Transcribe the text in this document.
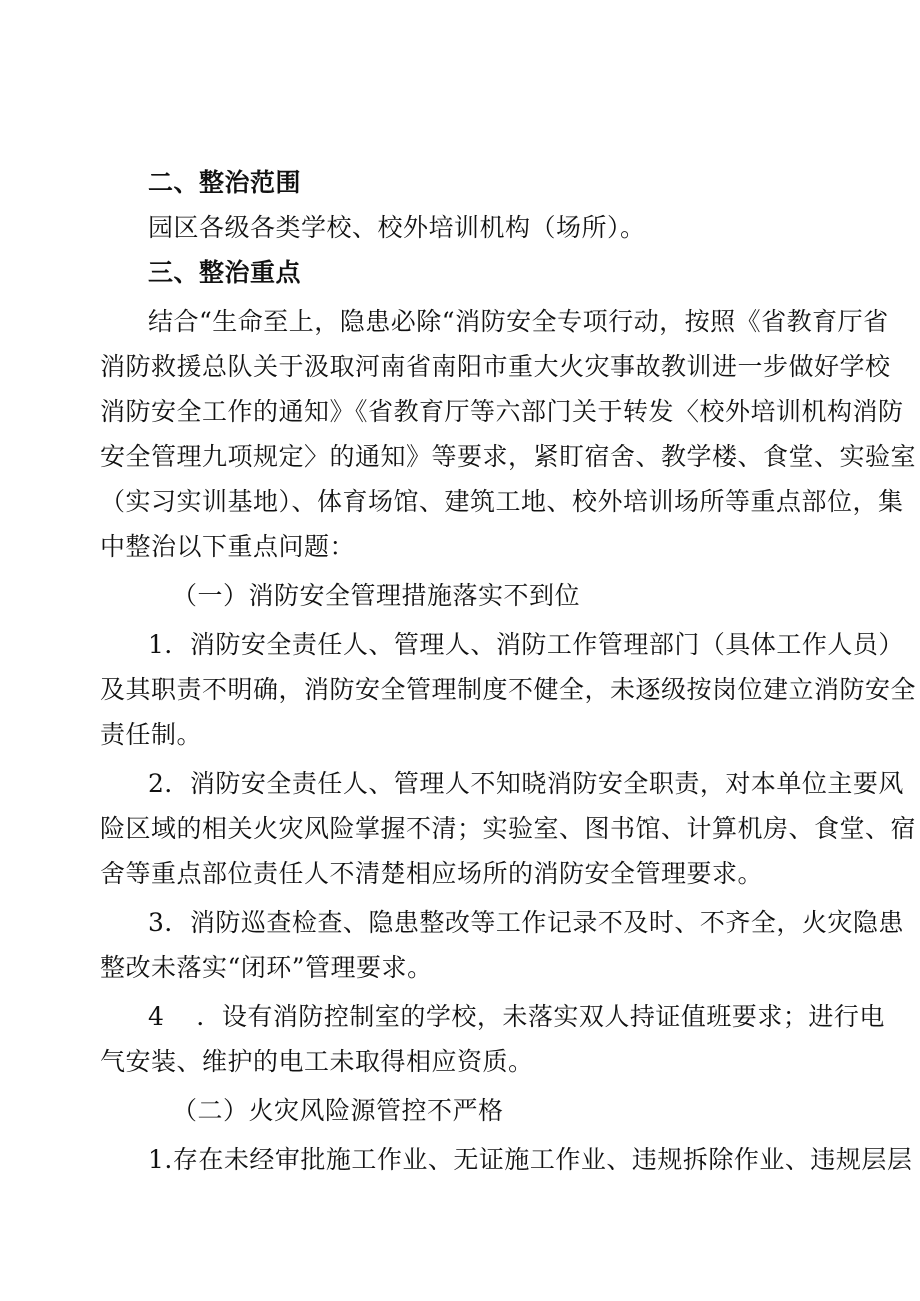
二、整治范围
园区各级各类学校、校外培训机构（场所）。
三、整治重点
结合“生命至上，隐患必除“消防安全专项行动，按照《省教育厅省
消防救援总队关于汲取河南省南阳市重大火灾事故教训进一步做好学校
消防安全工作的通知》《省教育厅等六部门关于转发〈校外培训机构消防
安全管理九项规定〉的通知》等要求，紧盯宿舍、教学楼、食堂、实验室
（实习实训基地）、体育场馆、建筑工地、校外培训场所等重点部位，集
中整治以下重点问题：
（一）消防安全管理措施落实不到位
1．消防安全责任人、管理人、消防工作管理部门（具体工作人员）
及其职责不明确，消防安全管理制度不健全，未逐级按岗位建立消防安全
责任制。
2．消防安全责任人、管理人不知晓消防安全职责，对本单位主要风
险区域的相关火灾风险掌握不清；实验室、图书馆、计算机房、食堂、宿
舍等重点部位责任人不清楚相应场所的消防安全管理要求。
3．消防巡查检查、隐患整改等工作记录不及时、不齐全，火灾隐患
整改未落实“闭环”管理要求。
4 ．设有消防控制室的学校，未落实双人持证值班要求；进行电
气安装、维护的电工未取得相应资质。
（二）火灾风险源管控不严格
1.存在未经审批施工作业、无证施工作业、违规拆除作业、违规层层
